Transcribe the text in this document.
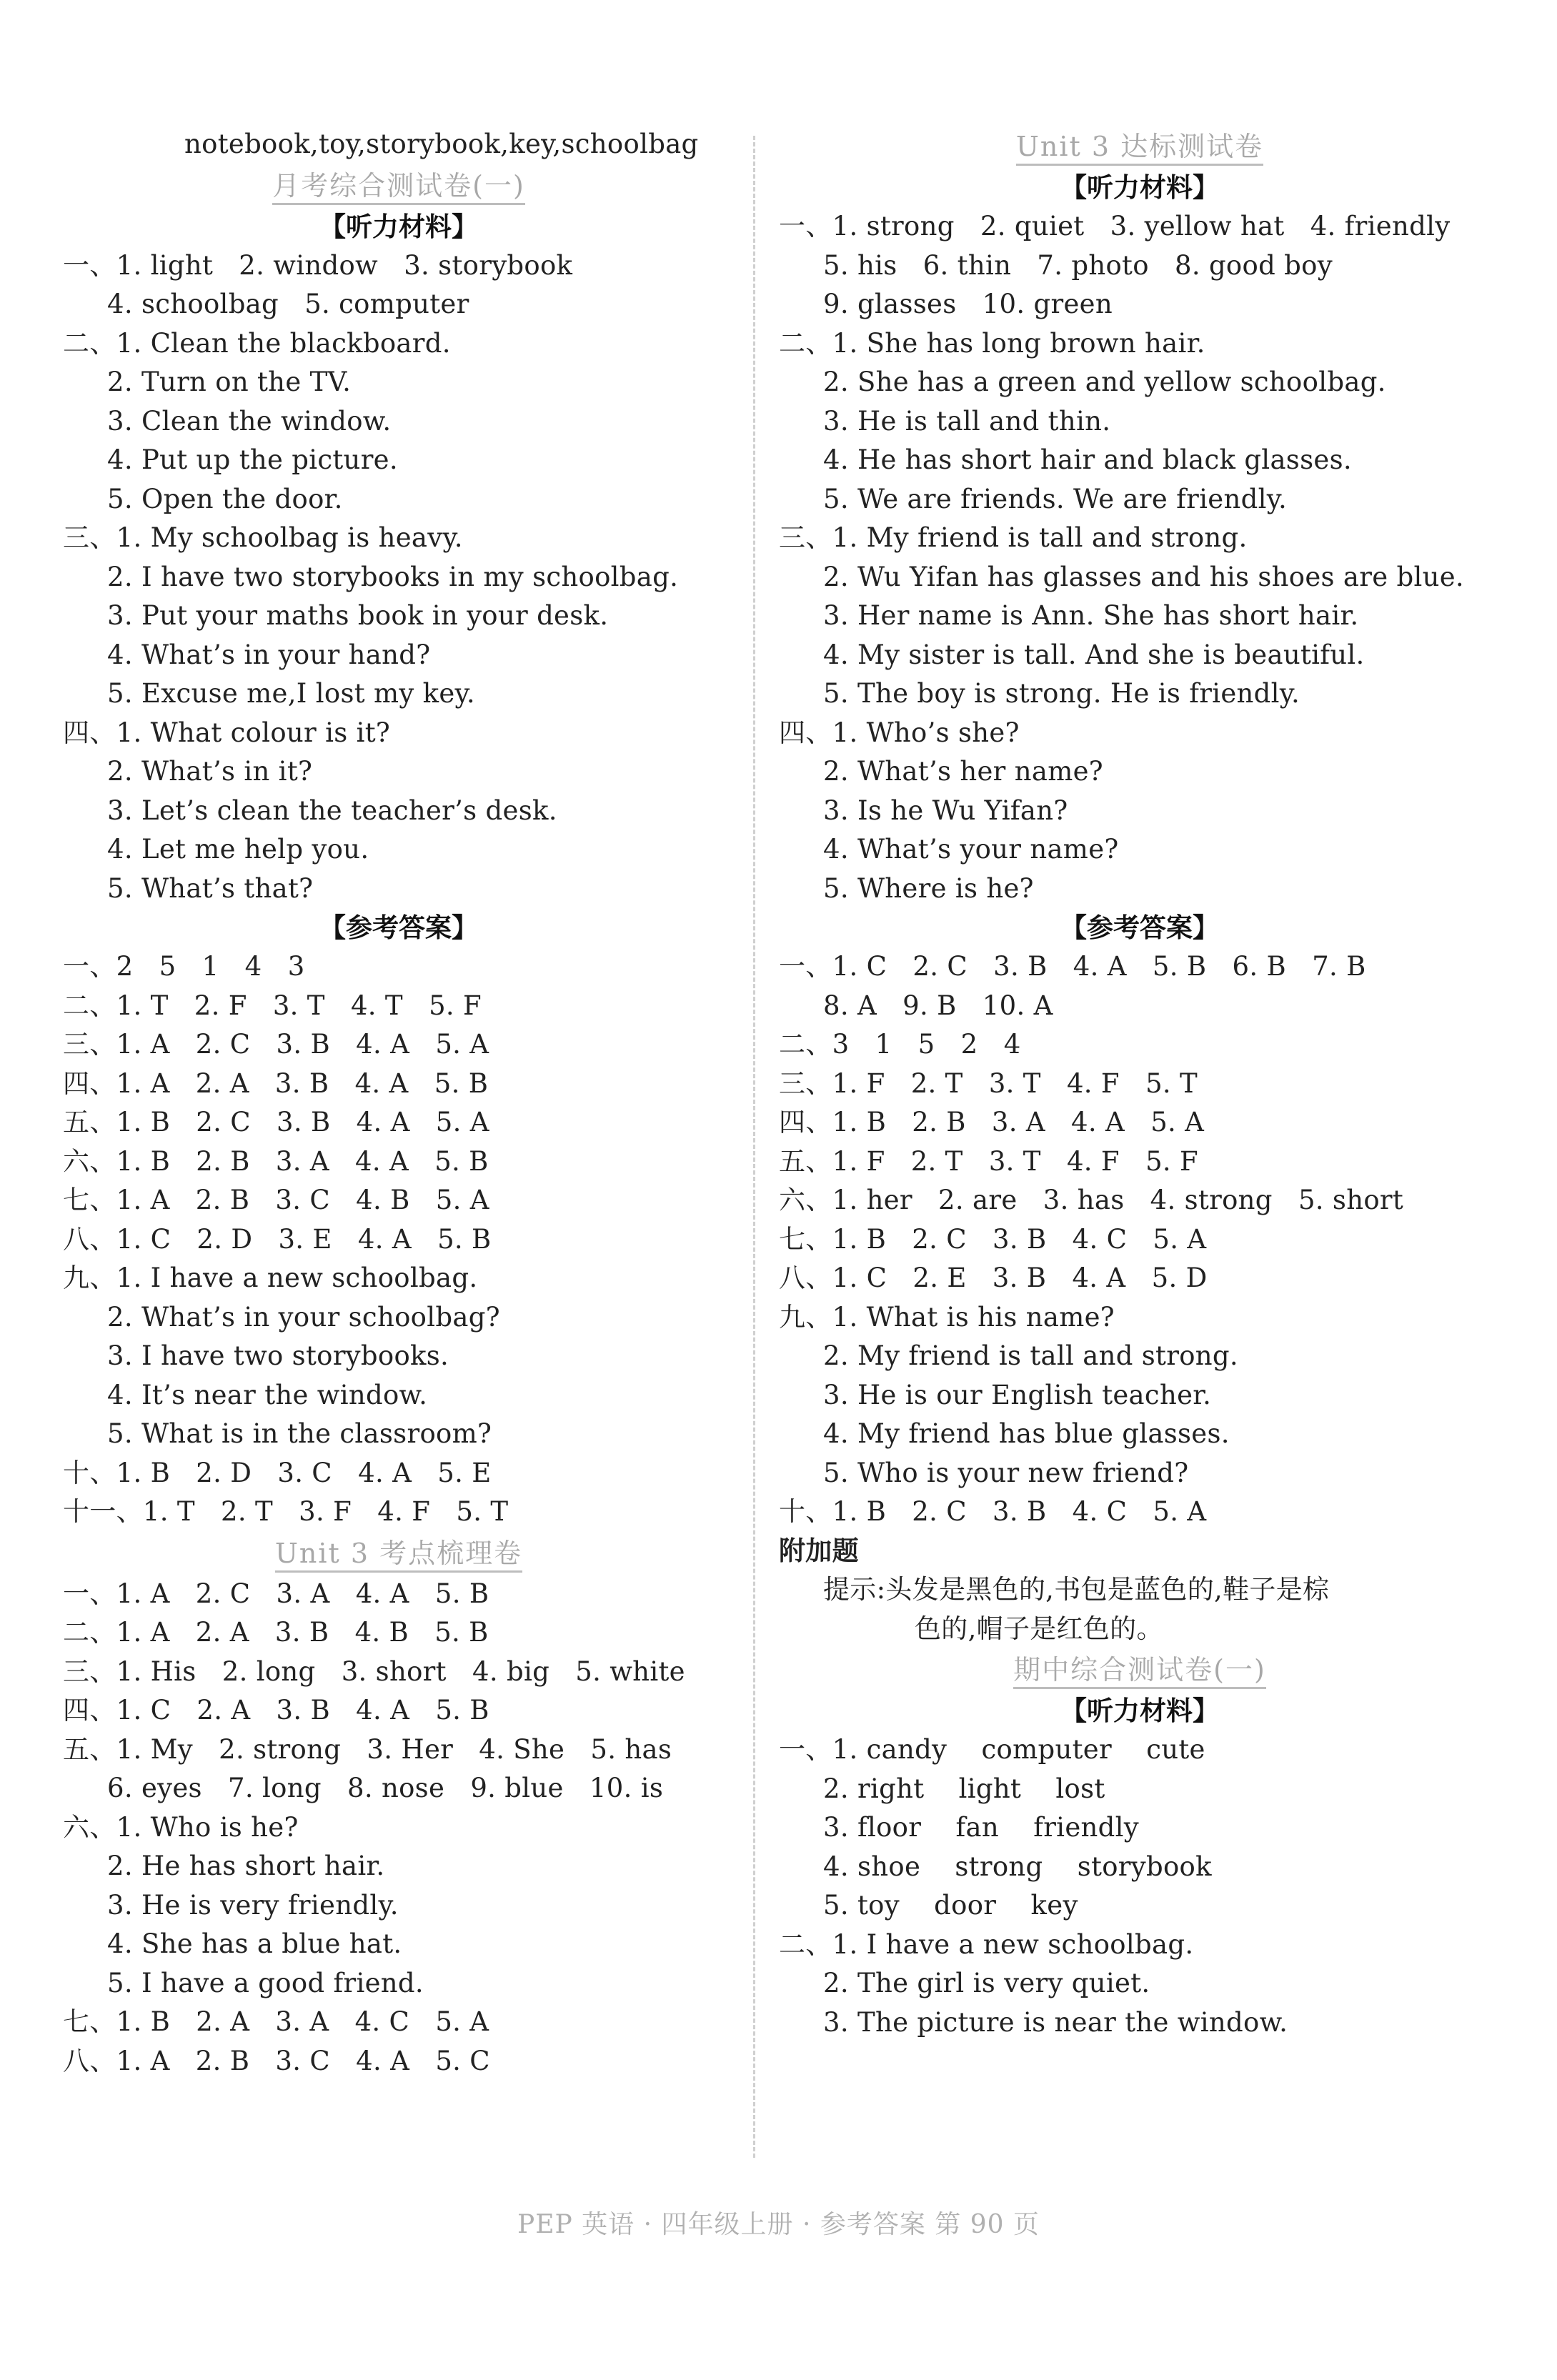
notebook,toy,storybook,key,schoolbag
月考综合测试卷(一)
【听力材料】
一、1. light   2. window   3. storybook
4. schoolbag   5. computer
二、1. Clean the blackboard.
2. Turn on the TV.
3. Clean the window.
4. Put up the picture.
5. Open the door.
三、1. My schoolbag is heavy.
2. I have two storybooks in my schoolbag.
3. Put your maths book in your desk.
4. What’s in your hand?
5. Excuse me,I lost my key.
四、1. What colour is it?
2. What’s in it?
3. Let’s clean the teacher’s desk.
4. Let me help you.
5. What’s that?
【参考答案】
一、2   5   1   4   3
二、1. T   2. F   3. T   4. T   5. F
三、1. A   2. C   3. B   4. A   5. A
四、1. A   2. A   3. B   4. A   5. B
五、1. B   2. C   3. B   4. A   5. A
六、1. B   2. B   3. A   4. A   5. B
七、1. A   2. B   3. C   4. B   5. A
八、1. C   2. D   3. E   4. A   5. B
九、1. I have a new schoolbag.
2. What’s in your schoolbag?
3. I have two storybooks.
4. It’s near the window.
5. What is in the classroom?
十、1. B   2. D   3. C   4. A   5. E
十一、1. T   2. T   3. F   4. F   5. T
Unit 3 考点梳理卷
一、1. A   2. C   3. A   4. A   5. B
二、1. A   2. A   3. B   4. B   5. B
三、1. His   2. long   3. short   4. big   5. white
四、1. C   2. A   3. B   4. A   5. B
五、1. My   2. strong   3. Her   4. She   5. has
6. eyes   7. long   8. nose   9. blue   10. is
六、1. Who is he?
2. He has short hair.
3. He is very friendly.
4. She has a blue hat.
5. I have a good friend.
七、1. B   2. A   3. A   4. C   5. A
八、1. A   2. B   3. C   4. A   5. C
Unit 3 达标测试卷
【听力材料】
一、1. strong   2. quiet   3. yellow hat   4. friendly
5. his   6. thin   7. photo   8. good boy
9. glasses   10. green
二、1. She has long brown hair.
2. She has a green and yellow schoolbag.
3. He is tall and thin.
4. He has short hair and black glasses.
5. We are friends. We are friendly.
三、1. My friend is tall and strong.
2. Wu Yifan has glasses and his shoes are blue.
3. Her name is Ann. She has short hair.
4. My sister is tall. And she is beautiful.
5. The boy is strong. He is friendly.
四、1. Who’s she?
2. What’s her name?
3. Is he Wu Yifan?
4. What’s your name?
5. Where is he?
【参考答案】
一、1. C   2. C   3. B   4. A   5. B   6. B   7. B
8. A   9. B   10. A
二、3   1   5   2   4
三、1. F   2. T   3. T   4. F   5. T
四、1. B   2. B   3. A   4. A   5. A
五、1. F   2. T   3. T   4. F   5. F
六、1. her   2. are   3. has   4. strong   5. short
七、1. B   2. C   3. B   4. C   5. A
八、1. C   2. E   3. B   4. A   5. D
九、1. What is his name?
2. My friend is tall and strong.
3. He is our English teacher.
4. My friend has blue glasses.
5. Who is your new friend?
十、1. B   2. C   3. B   4. C   5. A
附加题
提示:头发是黑色的,书包是蓝色的,鞋子是棕
色的,帽子是红色的。
期中综合测试卷(一)
【听力材料】
一、1. candy    computer    cute
2. right    light    lost
3. floor    fan    friendly
4. shoe    strong    storybook
5. toy    door    key
二、1. I have a new schoolbag.
2. The girl is very quiet.
3. The picture is near the window.
PEP 英语 · 四年级上册 · 参考答案 第 90 页
